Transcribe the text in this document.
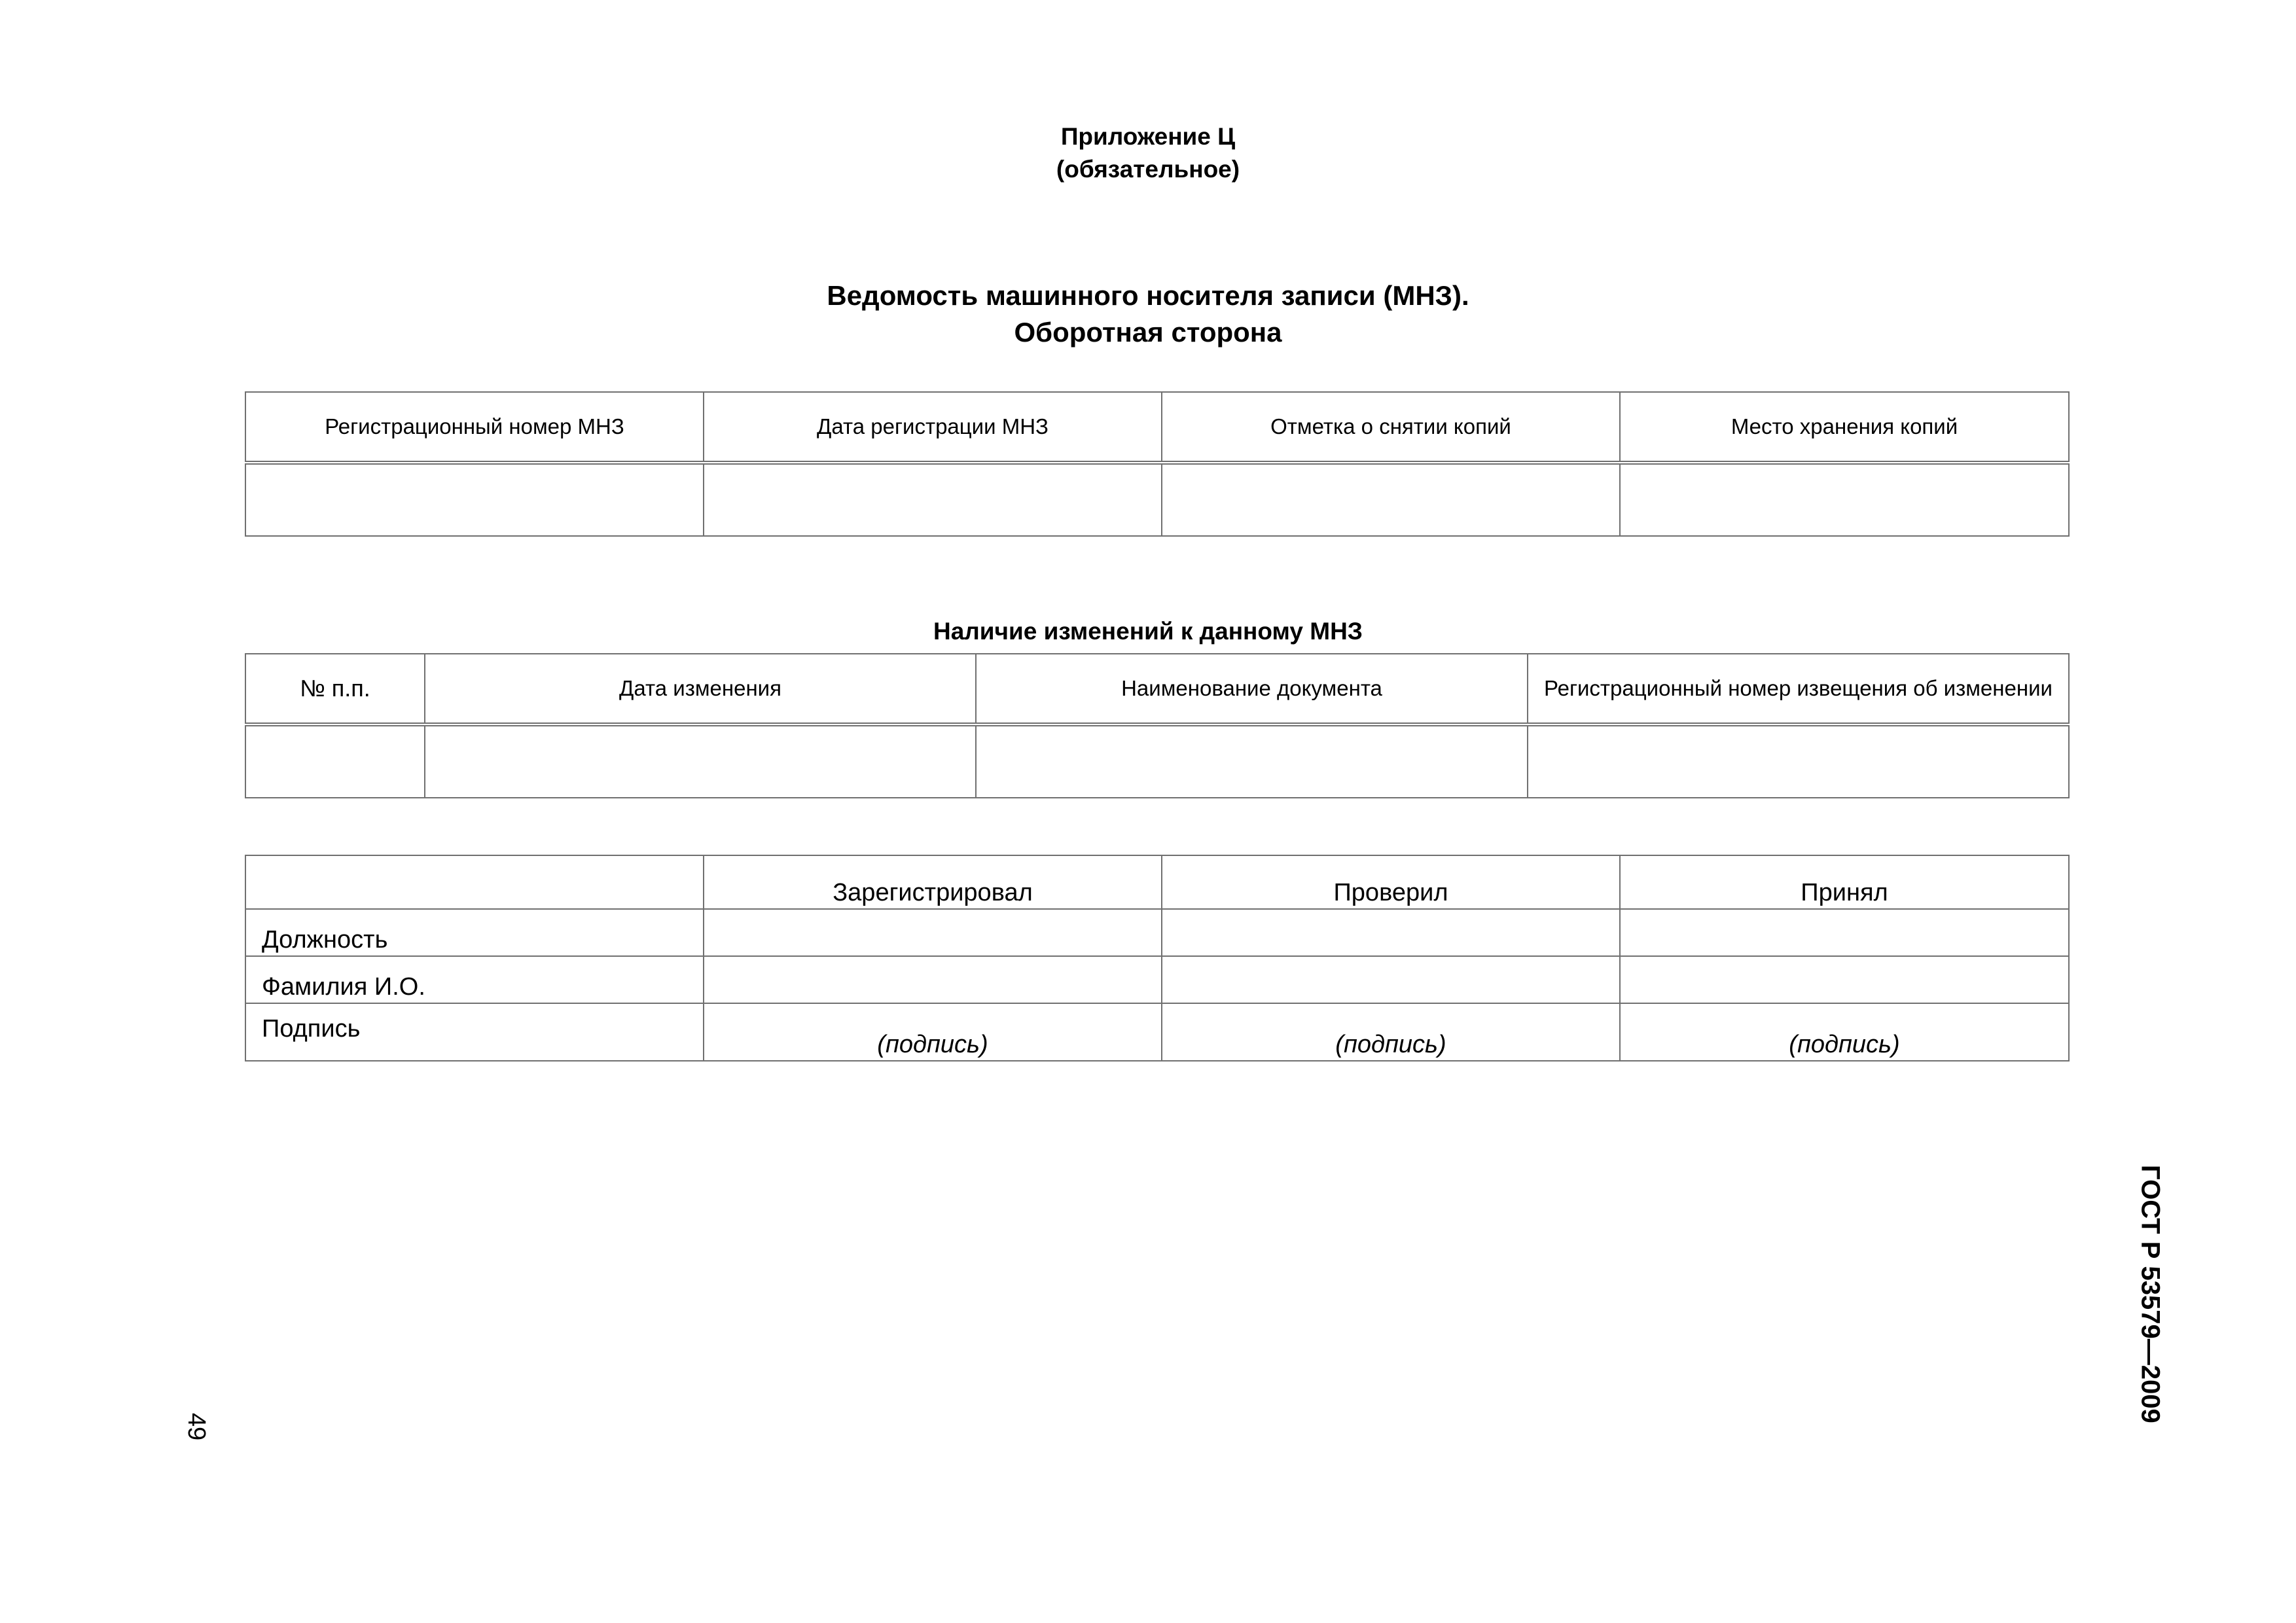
Приложение Ц
(обязательное)
Ведомость машинного носителя записи (МНЗ).
Оборотная сторона
Регистрационный номер МНЗ	Дата регистрации МНЗ	Отметка о снятии копий	Место хранения копий

Наличие изменений к данному МНЗ
№ п.п.	Дата изменения	Наименование документа	Регистрационный номер извещения об изменении

	Зарегистрировал	Проверил	Принял
Должность			
Фамилия И.О.			
Подпись	(подпись)	(подпись)	(подпись)
ГОСТ Р 53579—2009
49
